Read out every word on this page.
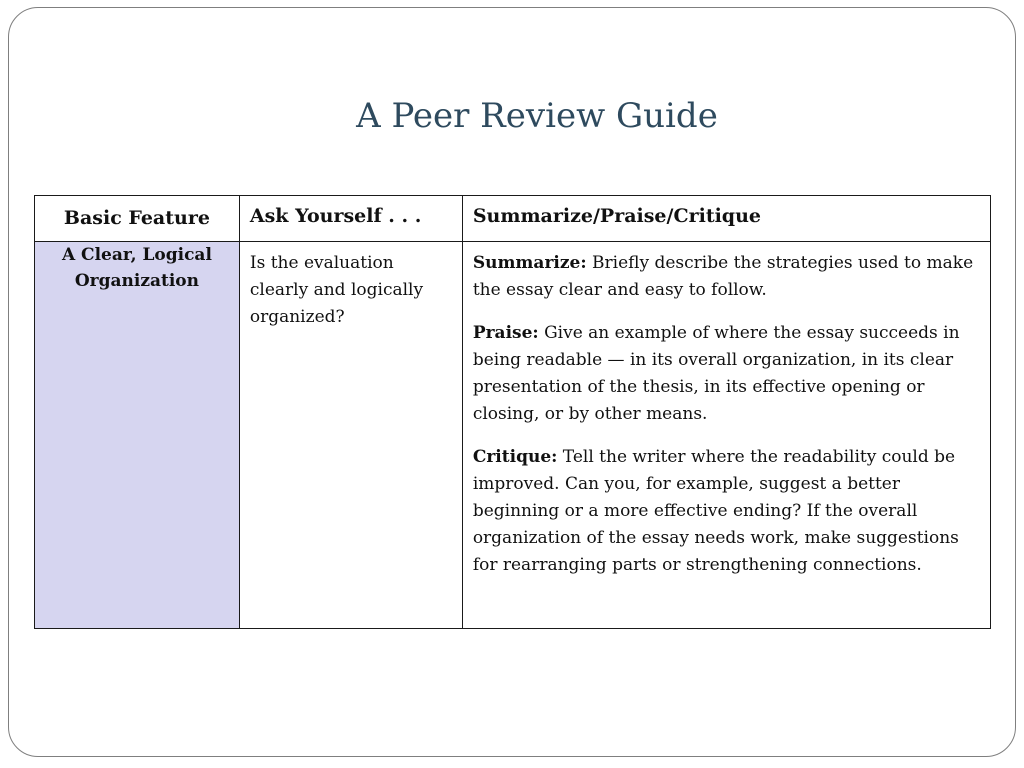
A Peer Review Guide
Basic Feature	Ask Yourself . . .	Summarize/Praise/Critique
A Clear, Logical Organization	Is the evaluation clearly and logically organized?	Summarize: Briefly describe the strategies used to make the essay clear and easy to follow.

Praise: Give an example of where the essay succeeds in being readable — in its overall organization, in its clear presentation of the thesis, in its effective opening or closing, or by other means.

Critique: Tell the writer where the readability could be improved. Can you, for example, suggest a better beginning or a more effective ending? If the overall organization of the essay needs work, make suggestions for rearranging parts or strengthening connections.
